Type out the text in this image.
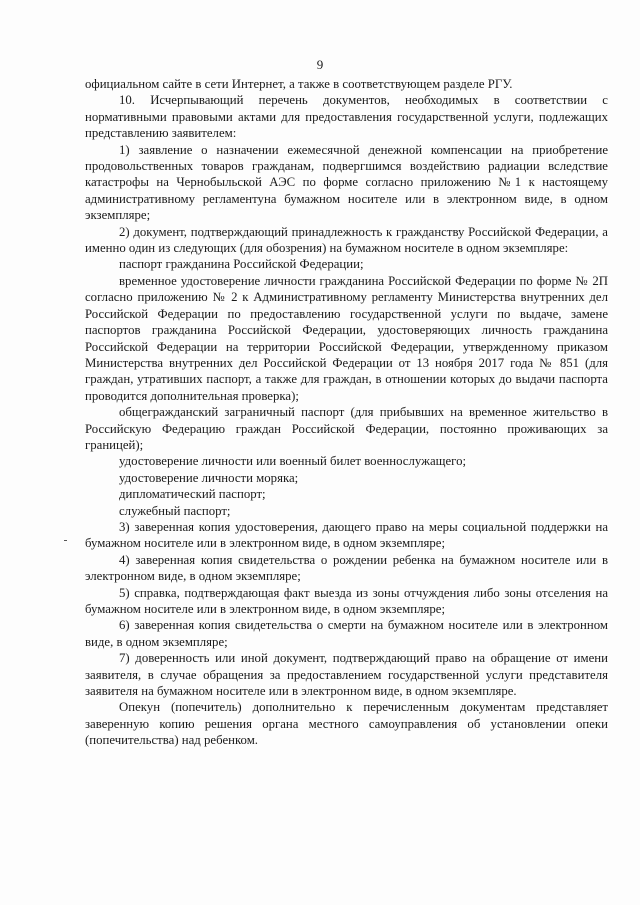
9

официальном сайте в сети Интернет, а также в соответствующем разделе РГУ.

10. Исчерпывающий перечень документов, необходимых в соответствии с нормативными правовыми актами для предоставления государственной услуги, подлежащих представлению заявителем:

1) заявление о назначении ежемесячной денежной компенсации на приобретение продовольственных товаров гражданам, подвергшимся воздействию радиации вследствие катастрофы на Чернобыльской АЭС по форме согласно приложению №1 к настоящему административному регламентуна бумажном носителе или в электронном виде, в одном экземпляре;

2) документ, подтверждающий принадлежность к гражданству Российской Федерации, а именно один из следующих (для обозрения) на бумажном носителе в одном экземпляре:

паспорт гражданина Российской Федерации;

временное удостоверение личности гражданина Российской Федерации по форме № 2П согласно приложению № 2 к Административному регламенту Министерства внутренних дел Российской Федерации по предоставлению государственной услуги по выдаче, замене паспортов гражданина Российской Федерации, удостоверяющих личность гражданина Российской Федерации на территории Российской Федерации, утвержденному приказом Министерства внутренних дел Российской Федерации от 13 ноября 2017 года № 851 (для граждан, утративших паспорт, а также для граждан, в отношении которых до выдачи паспорта проводится дополнительная проверка);

общегражданский заграничный паспорт (для прибывших на временное жительство в Российскую Федерацию граждан Российской Федерации, постоянно проживающих за границей);

удостоверение личности или военный билет военнослужащего;

удостоверение личности моряка;

дипломатический паспорт;

служебный паспорт;

3) заверенная копия удостоверения, дающего право на меры социальной поддержки на бумажном носителе или в электронном виде, в одном экземпляре;

4) заверенная копия свидетельства о рождении ребенка на бумажном носителе или в электронном виде, в одном экземпляре;

5) справка, подтверждающая факт выезда из зоны отчуждения либо зоны отселения на бумажном носителе или в электронном виде, в одном экземпляре;

6) заверенная копия свидетельства о смерти на бумажном носителе или в электронном виде, в одном экземпляре;

7) доверенность или иной документ, подтверждающий право на обращение от имени заявителя, в случае обращения за предоставлением государственной услуги представителя заявителя на бумажном носителе или в электронном виде, в одном экземпляре.

Опекун (попечитель) дополнительно к перечисленным документам представляет заверенную копию решения органа местного самоуправления об установлении опеки (попечительства) над ребенком.
